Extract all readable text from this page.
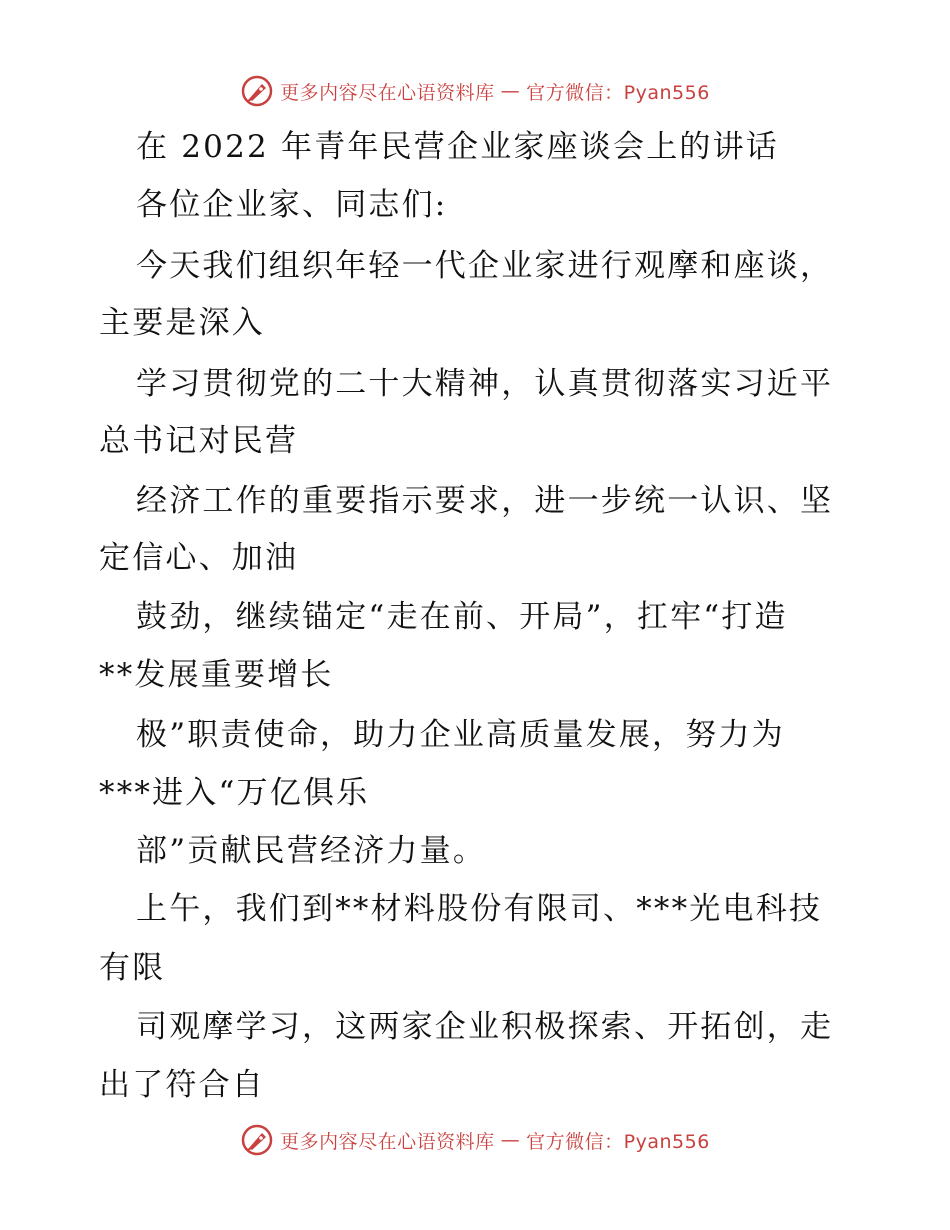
更多内容尽在心语资料库 — 官方微信：Pyan556
在 2022 年青年民营企业家座谈会上的讲话
各位企业家、同志们:
今天我们组织年轻一代企业家进行观摩和座谈，
主要是深入
学习贯彻党的二十大精神，认真贯彻落实习近平
总书记对民营
经济工作的重要指示要求，进一步统一认识、坚
定信心、加油
鼓劲，继续锚定“走在前、开局”，扛牢“打造
**发展重要增长
极”职责使命，助力企业高质量发展，努力为
***进入“万亿俱乐
部”贡献民营经济力量。
上午，我们到**材料股份有限司、***光电科技
有限
司观摩学习，这两家企业积极探索、开拓创，走
出了符合自
更多内容尽在心语资料库 — 官方微信：Pyan556
